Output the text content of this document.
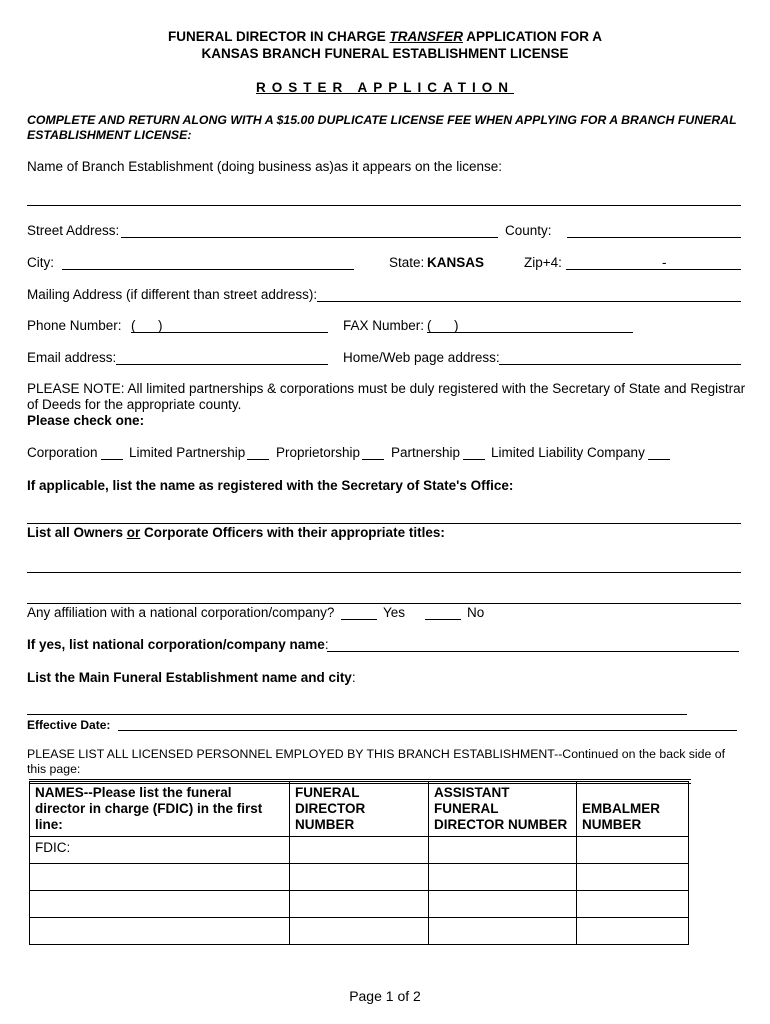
FUNERAL DIRECTOR IN CHARGE TRANSFER APPLICATION FOR A
KANSAS BRANCH FUNERAL ESTABLISHMENT LICENSE
ROSTER APPLICATION
COMPLETE AND RETURN ALONG WITH A $15.00 DUPLICATE LICENSE FEE WHEN APPLYING FOR A BRANCH FUNERAL ESTABLISHMENT LICENSE:
Name of Branch Establishment (doing business as)as it appears on the license:
Street Address:	County:
City:	State: KANSAS	Zip+4:	-
Mailing Address (if different than street address):
Phone Number: (      )	FAX Number: (      )
Email address:	Home/Web page address:
PLEASE NOTE: All limited partnerships & corporations must be duly registered with the Secretary of State and Registrar of Deeds for the appropriate county.
Please check one:
Corporation Limited Partnership Proprietorship Partnership Limited Liability Company
If applicable, list the name as registered with the Secretary of State's Office:
List all Owners or Corporate Officers with their appropriate titles:
Any affiliation with a national corporation/company?	Yes	No
If yes, list national corporation/company name:
List the Main Funeral Establishment name and city:
Effective Date:
PLEASE LIST ALL LICENSED PERSONNEL EMPLOYED BY THIS BRANCH ESTABLISHMENT--Continued on the back side of this page:
NAMES--Please list the funeral director in charge (FDIC) in the first line:	FUNERAL DIRECTOR NUMBER	ASSISTANT FUNERAL DIRECTOR NUMBER	EMBALMER NUMBER
FDIC:			

Page 1 of 2
